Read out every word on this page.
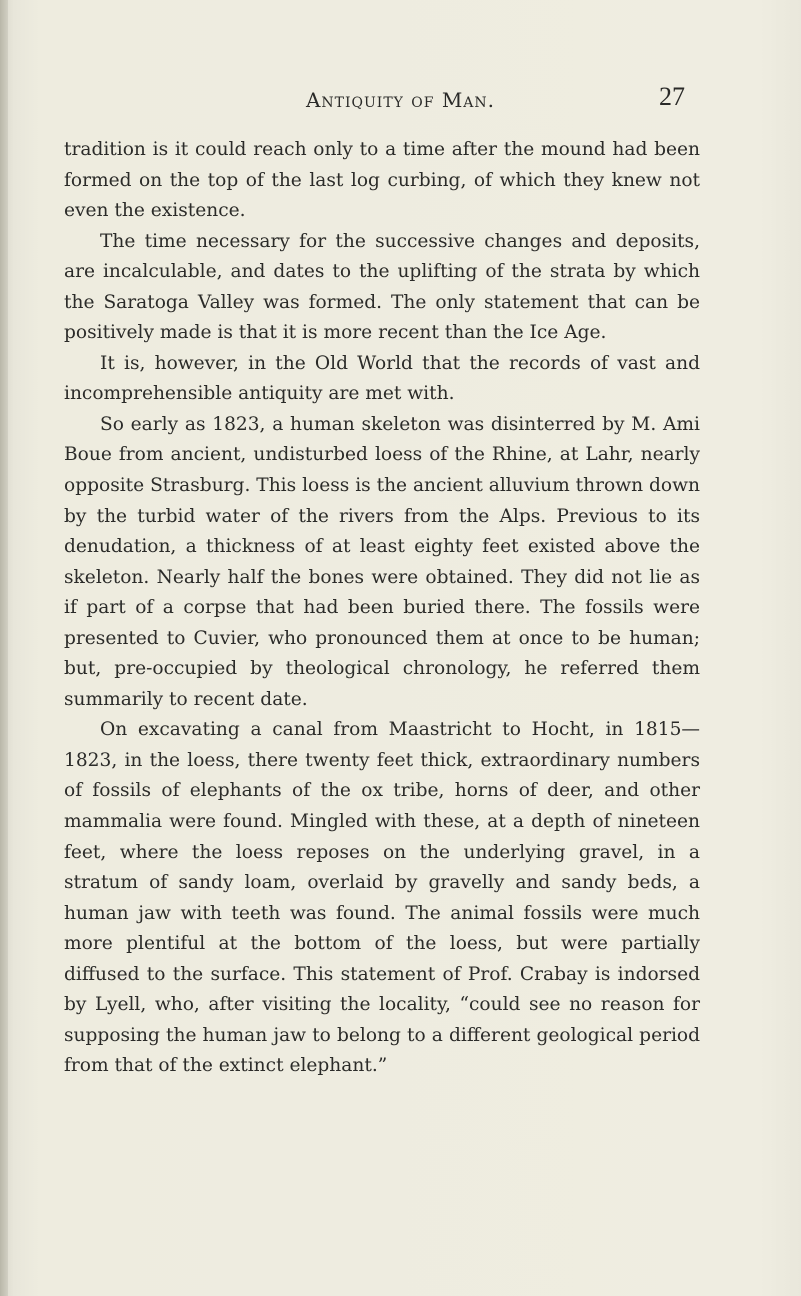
Antiquity of Man.	27

tradition is it could reach only to a time after the mound had been formed on the top of the last log curbing, of which they knew not even the existence.

The time necessary for the successive changes and deposits, are incalculable, and dates to the uplifting of the strata by which the Saratoga Valley was formed. The only statement that can be positively made is that it is more recent than the Ice Age.

It is, however, in the Old World that the records of vast and incomprehensible antiquity are met with.

So early as 1823, a human skeleton was disinterred by M. Ami Boue from ancient, undisturbed loess of the Rhine, at Lahr, nearly opposite Strasburg. This loess is the ancient alluvium thrown down by the turbid water of the rivers from the Alps. Previous to its denudation, a thickness of at least eighty feet existed above the skeleton. Nearly half the bones were obtained. They did not lie as if part of a corpse that had been buried there. The fossils were presented to Cuvier, who pronounced them at once to be human; but, pre-occupied by theological chronology, he referred them summarily to recent date.

On excavating a canal from Maastricht to Hocht, in 1815—1823, in the loess, there twenty feet thick, extraordinary numbers of fossils of elephants of the ox tribe, horns of deer, and other mammalia were found. Mingled with these, at a depth of nineteen feet, where the loess reposes on the underlying gravel, in a stratum of sandy loam, overlaid by gravelly and sandy beds, a human jaw with teeth was found. The animal fossils were much more plentiful at the bottom of the loess, but were partially diffused to the surface. This statement of Prof. Crabay is indorsed by Lyell, who, after visiting the locality, “could see no reason for supposing the human jaw to belong to a different geological period from that of the extinct elephant.”
